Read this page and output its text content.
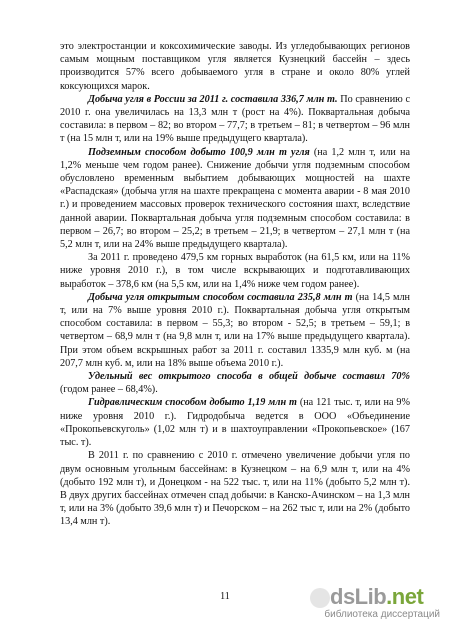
это электростанции и коксохимические заводы. Из угледобывающих регионов самым мощным поставщиком угля является Кузнецкий бассейн – здесь производится 57% всего добываемого угля в стране и около 80% углей коксующихся марок.

Добыча угля в России за 2011 г. составила 336,7 млн т. По сравнению с 2010 г. она увеличилась на 13,3 млн т (рост на 4%). Поквартальная добыча составила: в первом – 82; во втором – 77,7; в третьем – 81; в четвертом – 96 млн т (на 15 млн т, или на 19% выше предыдущего квартала).

Подземным способом добыто 100,9 млн т угля (на 1,2 млн т, или на 1,2% меньше чем годом ранее). Снижение добычи угля подземным способом обусловлено временным выбытием добывающих мощностей на шахте «Распадская» (добыча угля на шахте прекращена с момента аварии - 8 мая 2010 г.) и проведением массовых проверок технического состояния шахт, вследствие данной аварии. Поквартальная добыча угля подземным способом составила: в первом – 26,7; во втором – 25,2; в третьем – 21,9; в четвертом – 27,1 млн т (на 5,2 млн т, или на 24% выше предыдущего квартала).

За 2011 г. проведено 479,5 км горных выработок (на 61,5 км, или на 11% ниже уровня 2010 г.), в том числе вскрывающих и подготавливающих выработок – 378,6 км (на 5,5 км, или на 1,4% ниже чем годом ранее).

Добыча угля открытым способом составила 235,8 млн т (на 14,5 млн т, или на 7% выше уровня 2010 г.). Поквартальная добыча угля открытым способом составила: в первом – 55,3; во втором - 52,5; в третьем – 59,1; в четвертом – 68,9 млн т (на 9,8 млн т, или на 17% выше предыдущего квартала). При этом объем вскрышных работ за 2011 г. составил 1335,9 млн куб. м (на 207,7 млн куб. м, или на 18% выше объема 2010 г.).

Удельный вес открытого способа в общей добыче составил 70% (годом ранее – 68,4%).

Гидравлическим способом добыто 1,19 млн т (на 121 тыс. т, или на 9% ниже уровня 2010 г.). Гидродобыча ведется в ООО «Объединение «Прокопьевскуголь» (1,02 млн т) и в шахтоуправлении «Прокопьевское» (167 тыс. т).

В 2011 г. по сравнению с 2010 г. отмечено увеличение добычи угля по двум основным угольным бассейнам: в Кузнецком – на 6,9 млн т, или на 4% (добыто 192 млн т), и Донецком - на 522 тыс. т, или на 11% (добыто 5,2 млн т). В двух других бассейнах отмечен спад добычи: в Канско-Ачинском – на 1,3 млн т, или на 3% (добыто 39,6 млн т) и Печорском – на 262 тыс т, или на 2% (добыто 13,4 млн т).

11	dsLib.net
библиотека диссертаций
